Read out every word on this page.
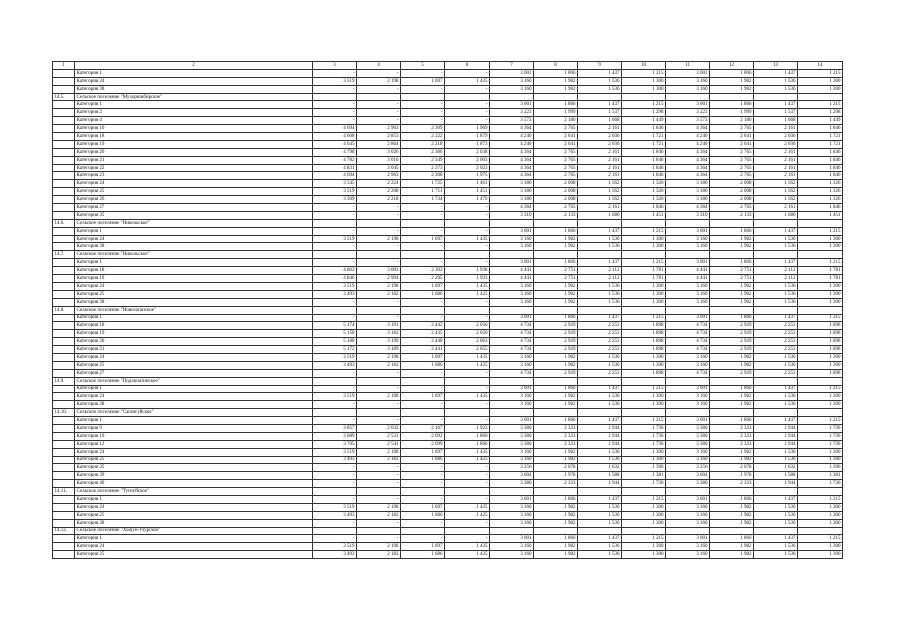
1	2	3	4	5	6	7	8	9	10	11	12	13	14
	Категория 1	-	-	-	-	3 001	1 866	1 437	1 215	3 001	1 866	1 437	1 215
	Категория 24	3 519	2 198	1 697	1 435	3 160	1 982	1 536	1 300	3 160	1 982	1 536	1 300
	Категория 38	-	-	-	-	3 160	1 982	1 536	1 300	3 160	1 982	1 536	1 300
14.5.	Сельское поселение "Мухоршибирское"												
	Категория 1	-	-	-	-	3 001	1 866	1 437	1 215	3 001	1 866	1 437	1 215
	Категория 2	-	-	-	-	3 223	1 999	1 537	1 298	3 223	1 999	1 537	1 298
	Категория 4	-	-	-	-	3 573	2 180	1 668	1 449	3 573	2 180	1 668	1 449
	Категория 10	4 694	2 963	2 309	1 969	4 364	2 765	2 161	1 846	4 364	2 765	2 161	1 846
	Категория 18	4 668	2 853	2 222	1 879	4 240	2 641	2 036	1 721	4 240	2 641	2 036	1 721
	Категория 19	4 645	2 864	2 218	1 873	4 240	2 641	2 036	1 721	4 240	2 641	2 036	1 721
	Категория 20	4 798	3 026	2 386	2 038	4 364	2 765	2 161	1 846	4 364	2 765	2 161	1 846
	Категория 21	4 782	3 016	2 349	2 003	4 364	2 765	2 161	1 846	4 364	2 765	2 161	1 846
	Категория 22	4 831	3 045	2 373	2 023	4 364	2 765	2 161	1 846	4 364	2 765	2 161	1 846
	Категория 23	4 694	2 963	2 308	1 975	4 364	2 765	2 161	1 846	4 364	2 765	2 161	1 846
	Категория 24	3 545	2 224	1 725	1 461	3 186	2 008	1 562	1 326	3 186	2 008	1 562	1 326
	Категория 25	3 519	2 208	1 711	1 451	3 186	2 008	1 562	1 326	3 186	2 008	1 562	1 326
	Категория 26	3 509	2 218	1 734	1 470	3 186	2 008	1 562	1 326	3 186	2 008	1 562	1 326
	Категория 27	-	-	-	-	4 364	2 765	2 161	1 846	4 364	2 765	2 161	1 846
	Категория 35	-	-	-	-	3 310	2 133	1 686	1 451	3 310	2 133	1 686	1 451
14.6.	Сельское поселение "Никольское"												
	Категория 1	-	-	-	-	3 001	1 866	1 437	1 215	3 001	1 866	1 437	1 215
	Категория 24	3 519	2 198	1 697	1 435	3 160	1 982	1 536	1 300	3 160	1 982	1 536	1 300
	Категория 38	-	-	-	-	3 160	1 982	1 536	1 300	3 160	1 982	1 536	1 300
14.7.	Сельское поселение "Никольское"												
	Категория 1	-	-	-	-	3 001	1 866	1 437	1 215	3 001	1 866	1 437	1 215
	Категория 18	4 862	3 003	2 302	1 938	4 441	2 751	2 112	1 781	4 441	2 751	2 112	1 781
	Категория 19	4 846	2 994	2 295	1 933	4 441	2 751	2 112	1 781	4 441	2 751	2 112	1 781
	Категория 24	3 519	2 198	1 697	1 435	3 160	1 982	1 536	1 300	3 160	1 982	1 536	1 300
	Категория 25	3 493	2 182	1 686	1 425	3 160	1 982	1 536	1 300	3 160	1 982	1 536	1 300
	Категория 38	-	-	-	-	3 160	1 982	1 536	1 300	3 160	1 982	1 536	1 300
14.8.	Сельское поселение "Новозаганское"												
	Категория 1	-	-	-	-	3 001	1 866	1 437	1 215	3 001	1 866	1 437	1 215
	Категория 18	5 174	3 191	2 442	2 056	4 734	2 929	2 253	1 898	4 734	2 929	2 253	1 898
	Категория 19	5 158	3 182	2 435	2 050	4 734	2 929	2 253	1 898	4 734	2 929	2 253	1 898
	Категория 20	5 188	3 199	2 448	2 063	4 734	2 929	2 253	1 898	4 734	2 929	2 253	1 898
	Категория 21	5 172	3 189	2 441	2 055	4 734	2 929	2 253	1 898	4 734	2 929	2 253	1 898
	Категория 24	3 519	2 198	1 697	1 435	3 160	1 982	1 536	1 300	3 160	1 982	1 536	1 300
	Категория 25	3 493	2 182	1 686	1 425	3 160	1 982	1 536	1 300	3 160	1 982	1 536	1 300
	Категория 27	-	-	-	-	4 734	2 929	2 253	1 898	4 734	2 929	2 253	1 898
14.9.	Сельское поселение "Подлопатинское"												
	Категория 1	-	-	-	-	3 001	1 866	1 437	1 215	3 001	1 866	1 437	1 215
	Категория 24	3 519	2 198	1 697	1 435	3 160	1 982	1 536	1 300	3 160	1 982	1 536	1 300
	Категория 38	-	-	-	-	3 160	1 982	1 536	1 300	3 160	1 982	1 536	1 300
14.10.	Сельское поселение "Сагангуйское"												
	Категория 1	-	-	-	-	3 001	1 866	1 437	1 215	3 001	1 866	1 437	1 215
	Категория 9	3 857	2 632	2 167	1 923	3 380	2 333	1 944	1 736	3 380	2 333	1 944	1 736
	Категория 10	3 689	2 531	2 092	1 860	3 380	2 333	1 944	1 736	3 380	2 333	1 944	1 736
	Категория 12	3 705	2 541	2 099	1 866	3 380	2 333	1 944	1 736	3 380	2 333	1 944	1 736
	Категория 24	3 519	2 198	1 697	1 435	3 160	1 982	1 536	1 300	3 160	1 982	1 536	1 300
	Категория 25	3 493	2 182	1 686	1 425	3 160	1 982	1 536	1 300	3 160	1 982	1 536	1 300
	Категория 35	-	-	-	-	3 256	2 078	1 632	1 396	3 256	2 078	1 632	1 396
	Категория 39	-	-	-	-	3 004	1 978	1 588	1 381	3 004	1 978	1 588	1 381
	Категория 40	-	-	-	-	3 380	2 333	1 944	1 736	3 380	2 333	1 944	1 736
14.11.	Сельское поселение "Тугнуйское"												
	Категория 1	-	-	-	-	3 001	1 866	1 437	1 215	3 001	1 866	1 437	1 215
	Категория 24	3 519	2 198	1 697	1 435	3 160	1 982	1 536	1 300	3 160	1 982	1 536	1 300
	Категория 25	3 493	2 182	1 686	1 425	3 160	1 982	1 536	1 300	3 160	1 982	1 536	1 300
	Категория 38	-	-	-	-	3 160	1 982	1 536	1 300	3 160	1 982	1 536	1 300
14.12.	Сельское поселение "Хошун-Узурское"												
	Категория 1	-	-	-	-	3 001	1 866	1 437	1 215	3 001	1 866	1 437	1 215
	Категория 24	3 519	2 198	1 697	1 435	3 160	1 982	1 536	1 300	3 160	1 982	1 536	1 300
	Категория 25	3 493	2 182	1 686	1 425	3 160	1 982	1 536	1 300	3 160	1 982	1 536	1 300
